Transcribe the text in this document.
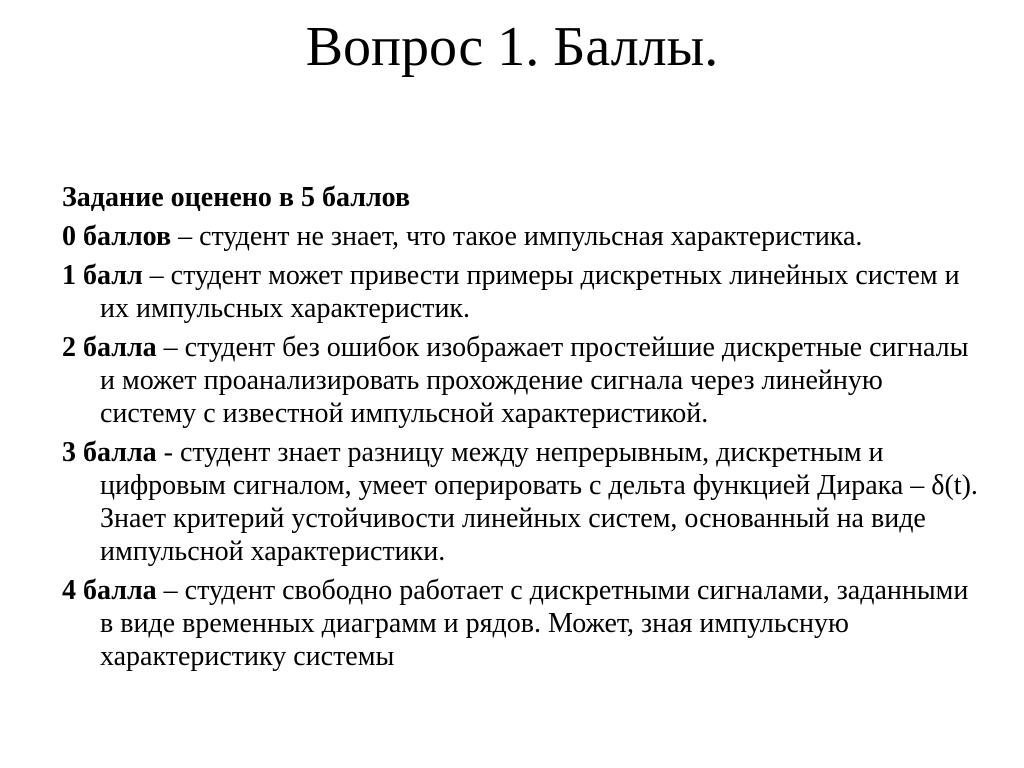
Вопрос 1. Баллы.

Задание оценено в 5 баллов

0 баллов – студент не знает, что такое импульсная характеристика.

1 балл – студент может привести примеры дискретных линейных систем и их импульсных характеристик.

2 балла – студент без ошибок изображает простейшие дискретные сигналы и может проанализировать прохождение сигнала через линейную систему с известной импульсной характеристикой.

3 балла - студент знает разницу между непрерывным, дискретным и цифровым сигналом, умеет оперировать с дельта функцией Дирака – δ(t). Знает критерий устойчивости линейных систем, основанный на виде импульсной характеристики.

4 балла – студент свободно работает с дискретными сигналами, заданными в виде временных диаграмм и рядов. Может, зная импульсную характеристику системы
